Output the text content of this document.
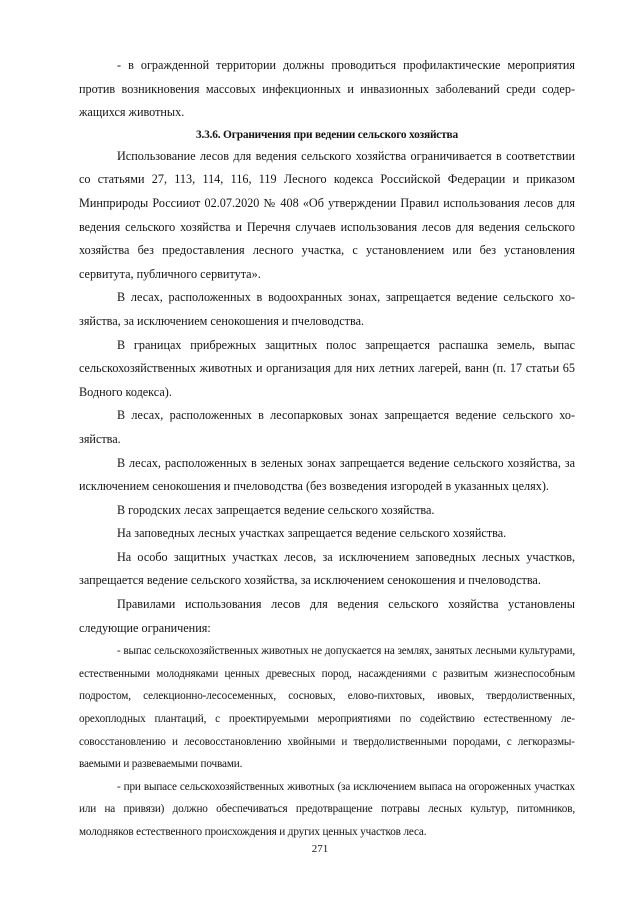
- в огражденной территории должны проводиться профилактические мероприятия против возникновения массовых инфекционных и инвазионных заболеваний среди содержащихся животных.

3.3.6. Ограничения при ведении сельского хозяйства

Использование лесов для ведения сельского хозяйства ограничивается в соответствии со статьями 27, 113, 114, 116, 119 Лесного кодекса Российской Федерации и приказом Минприроды Россииот 02.07.2020 № 408 «Об утверждении Правил использования лесов для ведения сельского хозяйства и Перечня случаев использования лесов для ведения сельского хозяйства без предоставления лесного участка, с установлением или без установления сервитута, публичного сервитута».

В лесах, расположенных в водоохранных зонах, запрещается ведение сельского хозяйства, за исключением сенокошения и пчеловодства.

В границах прибрежных защитных полос запрещается распашка земель, выпас сельскохозяйственных животных и организация для них летних лагерей, ванн (п. 17 статьи 65 Водного кодекса).

В лесах, расположенных в лесопарковых зонах запрещается ведение сельского хозяйства.

В лесах, расположенных в зеленых зонах запрещается ведение сельского хозяйства, за исключением сенокошения и пчеловодства (без возведения изгородей в указанных целях).

В городских лесах запрещается ведение сельского хозяйства.

На заповедных лесных участках запрещается ведение сельского хозяйства.

На особо защитных участках лесов, за исключением заповедных лесных участков, запрещается ведение сельского хозяйства, за исключением сенокошения и пчеловодства.

Правилами использования лесов для ведения сельского хозяйства установлены следующие ограничения:

- выпас сельскохозяйственных животных не допускается на землях, занятых лесными культурами, естественными молодняками ценных древесных пород, насаждениями с развитым жизнеспособным подростом, селекционно-лесосеменных, сосновых, елово-пихтовых, ивовых, твердолиственных, орехоплодных плантаций, с проектируемыми мероприятиями по содействию естественному лесовосстановлению и лесовосстановлению хвойными и твердолиственными породами, с легкоразмываемыми и развеваемыми почвами.

- при выпасе сельскохозяйственных животных (за исключением выпаса на огороженных участках или на привязи) должно обеспечиваться предотвращение потравы лесных культур, питомников, молодняков естественного происхождения и других ценных участков леса.

271
